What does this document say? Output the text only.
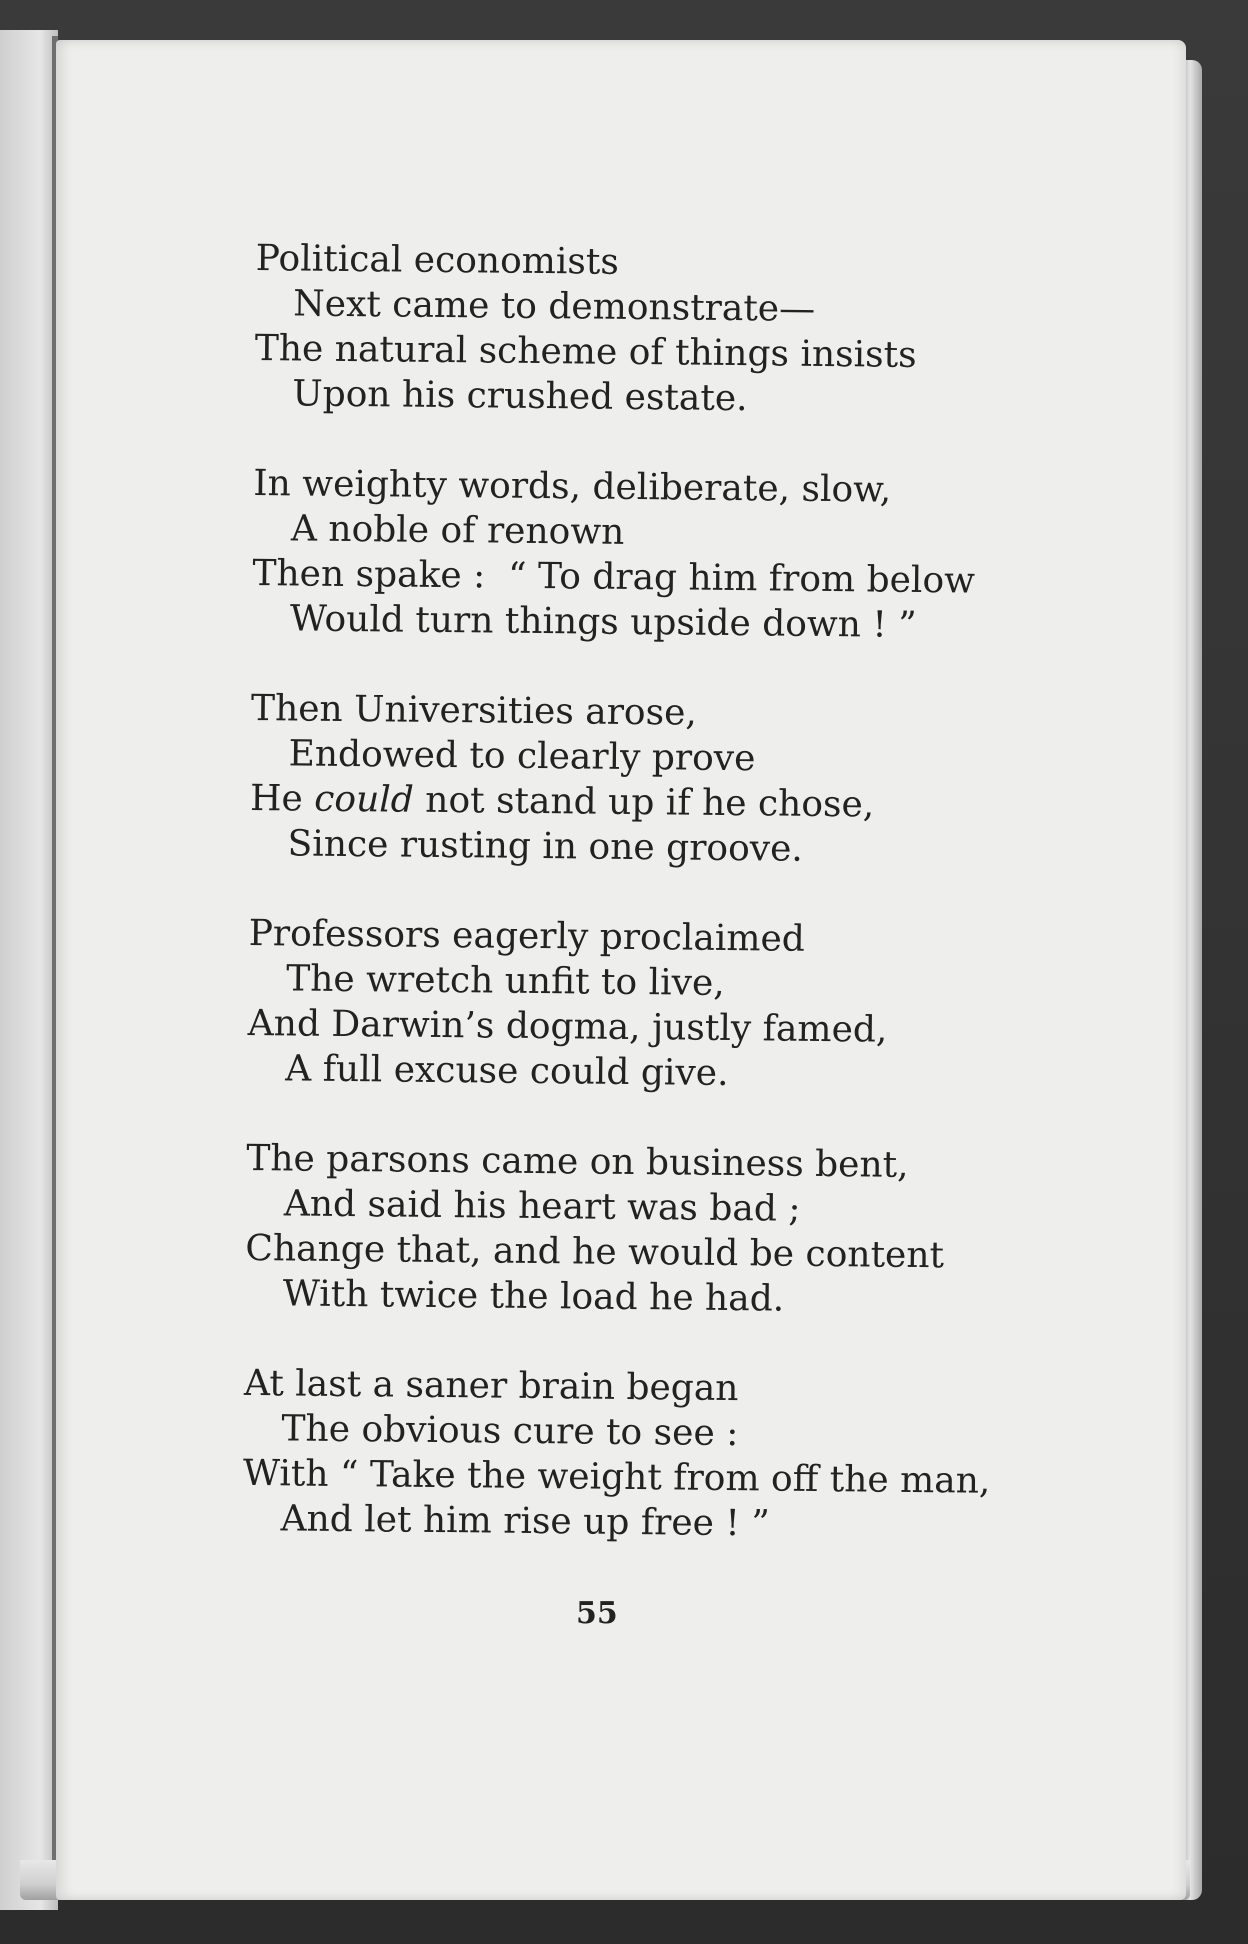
Political economists
Next came to demonstrate—
The natural scheme of things insists
Upon his crushed estate.
In weighty words, deliberate, slow,
A noble of renown
Then spake :  “ To drag him from below
Would turn things upside down ! ”
Then Universities arose,
Endowed to clearly prove
He could not stand up if he chose,
Since rusting in one groove.
Professors eagerly proclaimed
The wretch unfit to live,
And Darwin’s dogma, justly famed,
A full excuse could give.
The parsons came on business bent,
And said his heart was bad ;
Change that, and he would be content
With twice the load he had.
At last a saner brain began
The obvious cure to see :
With “ Take the weight from off the man,
And let him rise up free ! ”
55
